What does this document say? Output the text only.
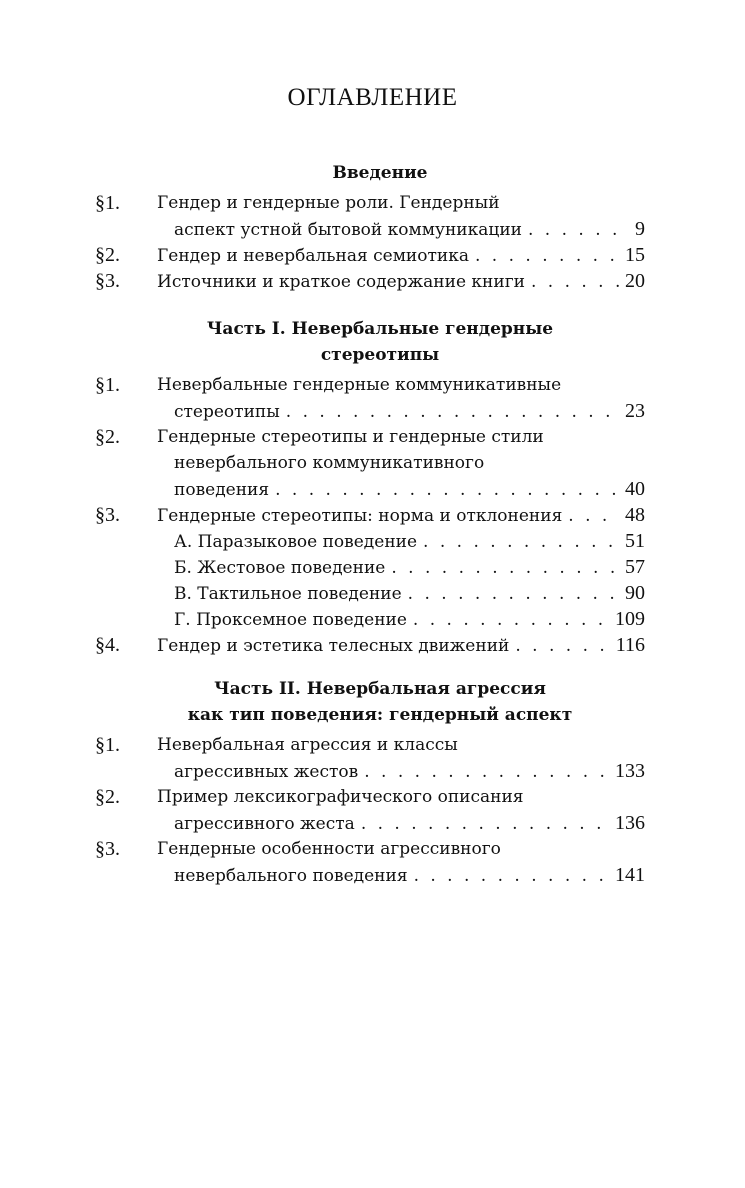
ОГЛАВЛЕНИЕ
Введение
§1. Гендер и гендерные роли. Гендерный
аспект устной бытовой коммуникации . . .	9
§2. Гендер и невербальная семиотика . . .	15
§3. Источники и краткое содержание книги . . .	20
Часть I. Невербальные гендерные
стереотипы
§1. Невербальные гендерные коммуникативные
стереотипы . . .	23
§2. Гендерные стереотипы и гендерные стили
невербального коммуникативного
поведения . . .	40
§3. Гендерные стереотипы: норма и отклонения . . .	48
А. Паразыковое поведение . . .	51
Б. Жестовое поведение . . .	57
В. Тактильное поведение . . .	90
Г. Проксемное поведение . . .	109
§4. Гендер и эстетика телесных движений . . .	116
Часть II. Невербальная агрессия
как тип поведения: гендерный аспект
§1. Невербальная агрессия и классы
агрессивных жестов . . .	133
§2. Пример лексикографического описания
агрессивного жеста . . .	136
§3. Гендерные особенности агрессивного
невербального поведения . . .	141
